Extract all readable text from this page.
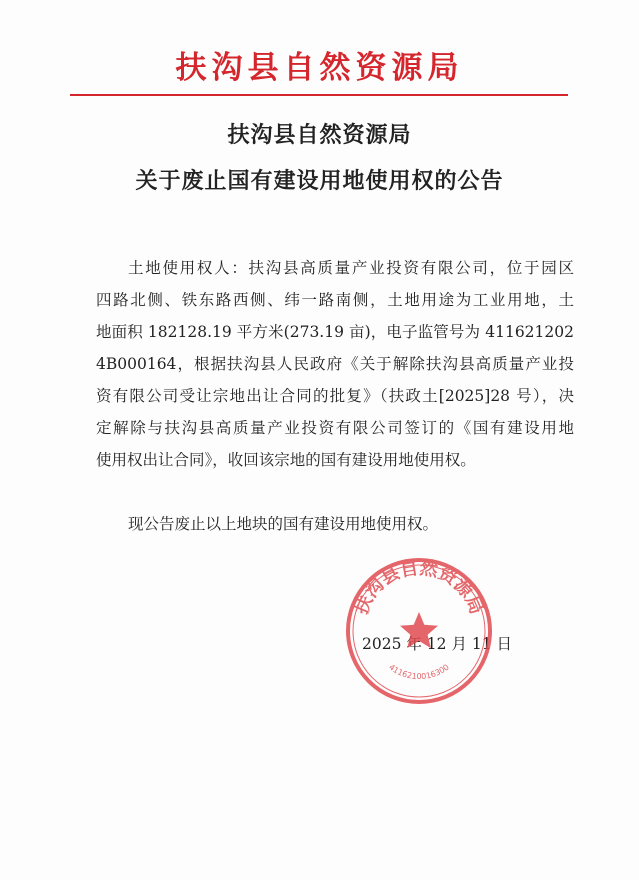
扶沟县自然资源局
扶沟县自然资源局
关于废止国有建设用地使用权的公告
土地使用权人：扶沟县高质量产业投资有限公司，位于园区
四路北侧、铁东路西侧、纬一路南侧，土地用途为工业用地，土
地面积 182128.19 平方米(273.19 亩)，电子监管号为 411621202
4B000164，根据扶沟县人民政府《关于解除扶沟县高质量产业投
资有限公司受让宗地出让合同的批复》（扶政土[2025]28 号），决
定解除与扶沟县高质量产业投资有限公司签订的《国有建设用地
使用权出让合同》，收回该宗地的国有建设用地使用权。
现公告废止以上地块的国有建设用地使用权。
2025 年 12 月 11 日
扶沟县自然资源局
4116210016300
